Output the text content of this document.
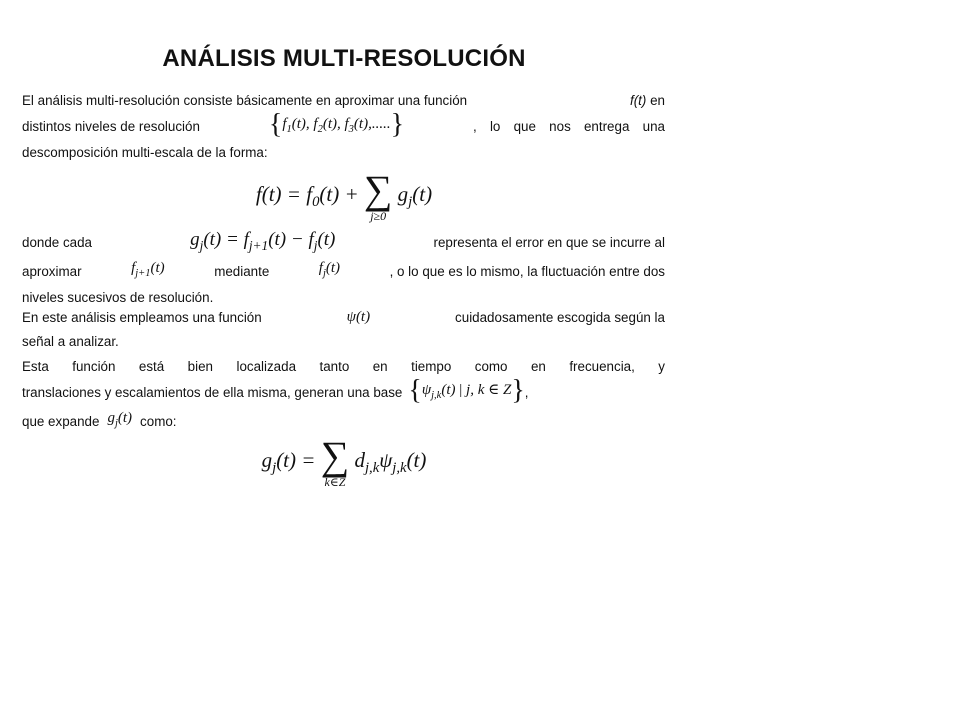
ANÁLISIS MULTI-RESOLUCIÓN
El análisis multi-resolución consiste básicamente en aproximar una función	f(t) en
distintos niveles de resolución {$f_1(t)$, $f_2(t)$, $f_3(t)$,.....}	, lo que nos entrega una
descomposición multi-escala de la forma:
$f(t) = f_0(t)$ + ∑
j≥0
$g_j(t)$
donde cada	$g_j(t) = f_{j+1}(t) - f_j(t)$	representa el error en que se incurre al
aproximar	$f_{j+1}(t)$	mediante	$f_j(t)$	, o lo que es lo mismo, la fluctuación entre dos
niveles sucesivos de resolución.
En este análisis empleamos una función	ψ(t)	cuidadosamente escogida según la
señal a analizar.
Esta función está bien localizada tanto en tiempo como en frecuencia, y
translaciones y escalamientos de ella misma, generan una base {$\psi_{j,k}(t)$ | j, k ∈ Z} ,
que expande $g_j(t)$ como:
$g_j(t)$ = ∑
k∈Z
$d_{j,k}\psi_{j,k}(t)$
